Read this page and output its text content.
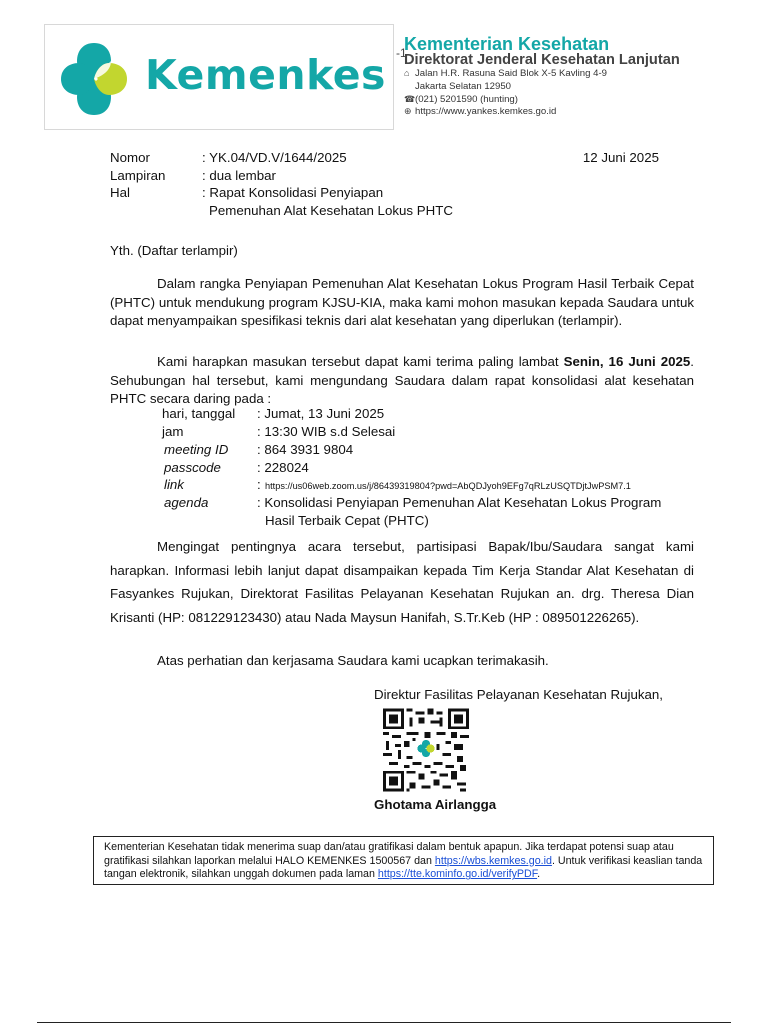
Kemenkes -1
Kementerian Kesehatan
Direktorat Jenderal Kesehatan Lanjutan
⌂ Jalan H.R. Rasuna Said Blok X-5 Kavling 4-9
Jakarta Selatan 12950
☎(021) 5201590 (hunting)
⊕ https://www.yankes.kemkes.go.id
Nomor	: YK.04/VD.V/1644/2025	12 Juni 2025
Lampiran	: dua lembar
Hal	: Rapat Konsolidasi Penyiapan
Pemenuhan Alat Kesehatan Lokus PHTC
Yth. (Daftar terlampir)
Dalam rangka Penyiapan Pemenuhan Alat Kesehatan Lokus Program Hasil Terbaik Cepat (PHTC) untuk mendukung program KJSU-KIA, maka kami mohon masukan kepada Saudara untuk dapat menyampaikan spesifikasi teknis dari alat kesehatan yang diperlukan (terlampir).
Kami harapkan masukan tersebut dapat kami terima paling lambat Senin, 16 Juni 2025. Sehubungan hal tersebut, kami mengundang Saudara dalam rapat konsolidasi alat kesehatan PHTC secara daring pada :
hari, tanggal : Jumat, 13 Juni 2025
jam	: 13:30 WIB s.d Selesai
meeting ID : 864 3931 9804
passcode	: 228024
link	: https://us06web.zoom.us/j/86439319804?pwd=AbQDJyoh9EFg7qRLzUSQTDjtJwPSM7.1
agenda	: Konsolidasi Penyiapan Pemenuhan Alat Kesehatan Lokus Program
Hasil Terbaik Cepat (PHTC)
Mengingat pentingnya acara tersebut, partisipasi Bapak/Ibu/Saudara sangat kami harapkan. Informasi lebih lanjut dapat disampaikan kepada Tim Kerja Standar Alat Kesehatan di Fasyankes Rujukan, Direktorat Fasilitas Pelayanan Kesehatan Rujukan an. drg. Theresa Dian Krisanti (HP: 081229123430) atau Nada Maysun Hanifah, S.Tr.Keb (HP : 089501226265).
Atas perhatian dan kerjasama Saudara kami ucapkan terimakasih.
Direktur Fasilitas Pelayanan Kesehatan Rujukan,
Ghotama Airlangga
Kementerian Kesehatan tidak menerima suap dan/atau gratifikasi dalam bentuk apapun. Jika terdapat potensi suap atau gratifikasi silahkan laporkan melalui HALO KEMENKES 1500567 dan https://wbs.kemkes.go.id. Untuk verifikasi keaslian tanda tangan elektronik, silahkan unggah dokumen pada laman https://tte.kominfo.go.id/verifyPDF.
